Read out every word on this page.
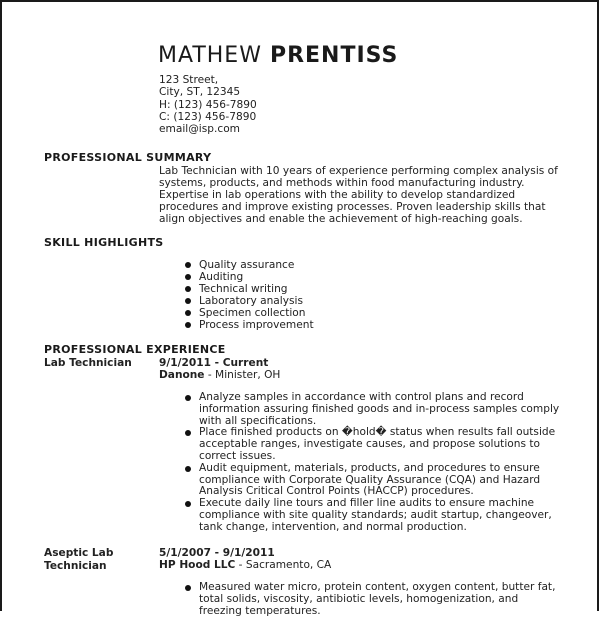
MATHEW PRENTISS
123 Street,
City, ST, 12345
H: (123) 456-7890
C: (123) 456-7890
email@isp.com
PROFESSIONAL SUMMARY
Lab Technician with 10 years of experience performing complex analysis of systems, products, and methods within food manufacturing industry. Expertise in lab operations with the ability to develop standardized procedures and improve existing processes. Proven leadership skills that align objectives and enable the achievement of high-reaching goals.
SKILL HIGHLIGHTS
Quality assurance
Auditing
Technical writing
Laboratory analysis
Specimen collection
Process improvement
PROFESSIONAL EXPERIENCE
Lab Technician	9/1/2011 - Current
Danone - Minister, OH
Analyze samples in accordance with control plans and record information assuring finished goods and in-process samples comply with all specifications.
Place finished products on �hold� status when results fall outside acceptable ranges, investigate causes, and propose solutions to correct issues.
Audit equipment, materials, products, and procedures to ensure compliance with Corporate Quality Assurance (CQA) and Hazard Analysis Critical Control Points (HACCP) procedures.
Execute daily line tours and filler line audits to ensure machine compliance with site quality standards; audit startup, changeover, tank change, intervention, and normal production.
Aseptic Lab Technician
5/1/2007 - 9/1/2011
HP Hood LLC - Sacramento, CA
Measured water micro, protein content, oxygen content, butter fat, total solids, viscosity, antibiotic levels, homogenization, and freezing temperatures.
